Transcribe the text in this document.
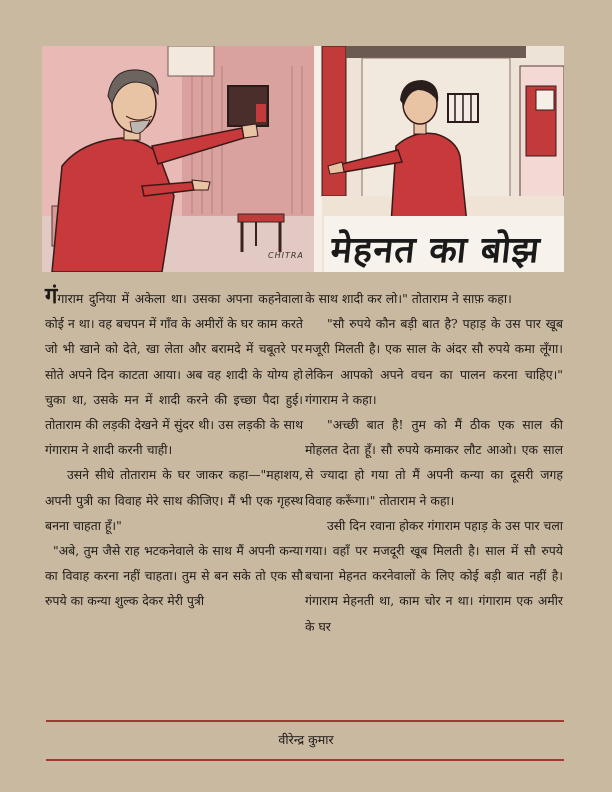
CHITRA मेहनत का बोझ

गंगाराम दुनिया में अकेला था। उसका अपना कहनेवाला कोई न था। वह बचपन में गाँव के अमीरों के घर काम करते जो भी खाने को देते, खा लेता और बरामदे में चबूतरे पर सोते अपने दिन काटता आया। अब वह शादी के योग्य हो चुका था, उसके मन में शादी करने की इच्छा पैदा हुई। तोताराम की लड़की देखने में सुंदर थी। उस लड़की के साथ गंगाराम ने शादी करनी चाही।

उसने सीधे तोताराम के घर जाकर कहा—"महाशय, अपनी पुत्री का विवाह मेरे साथ कीजिए। मैं भी एक गृहस्थ बनना चाहता हूँ।"

"अबे, तुम जैसे राह भटकनेवाले के साथ मैं अपनी कन्या का विवाह करना नहीं चाहता। तुम से बन सके तो एक सौ रुपये का कन्या शुल्क देकर मेरी पुत्री

के साथ शादी कर लो।" तोताराम ने साफ़ कहा।

"सौ रुपये कौन बड़ी बात है? पहाड़ के उस पार खूब मजूरी मिलती है। एक साल के अंदर सौ रुपये कमा लूँगा। लेकिन आपको अपने वचन का पालन करना चाहिए।" गंगाराम ने कहा।

"अच्छी बात है! तुम को मैं ठीक एक साल की मोहलत देता हूँ। सौ रुपये कमाकर लौट आओ। एक साल से ज्यादा हो गया तो मैं अपनी कन्या का दूसरी जगह विवाह करूँगा।" तोताराम ने कहा।

उसी दिन रवाना होकर गंगाराम पहाड़ के उस पार चला गया। वहाँ पर मजदूरी खूब मिलती है। साल में सौ रुपये बचाना मेहनत करनेवालों के लिए कोई बड़ी बात नहीं है। गंगाराम मेहनती था, काम चोर न था। गंगाराम एक अमीर के घर

वीरेन्द्र कुमार
